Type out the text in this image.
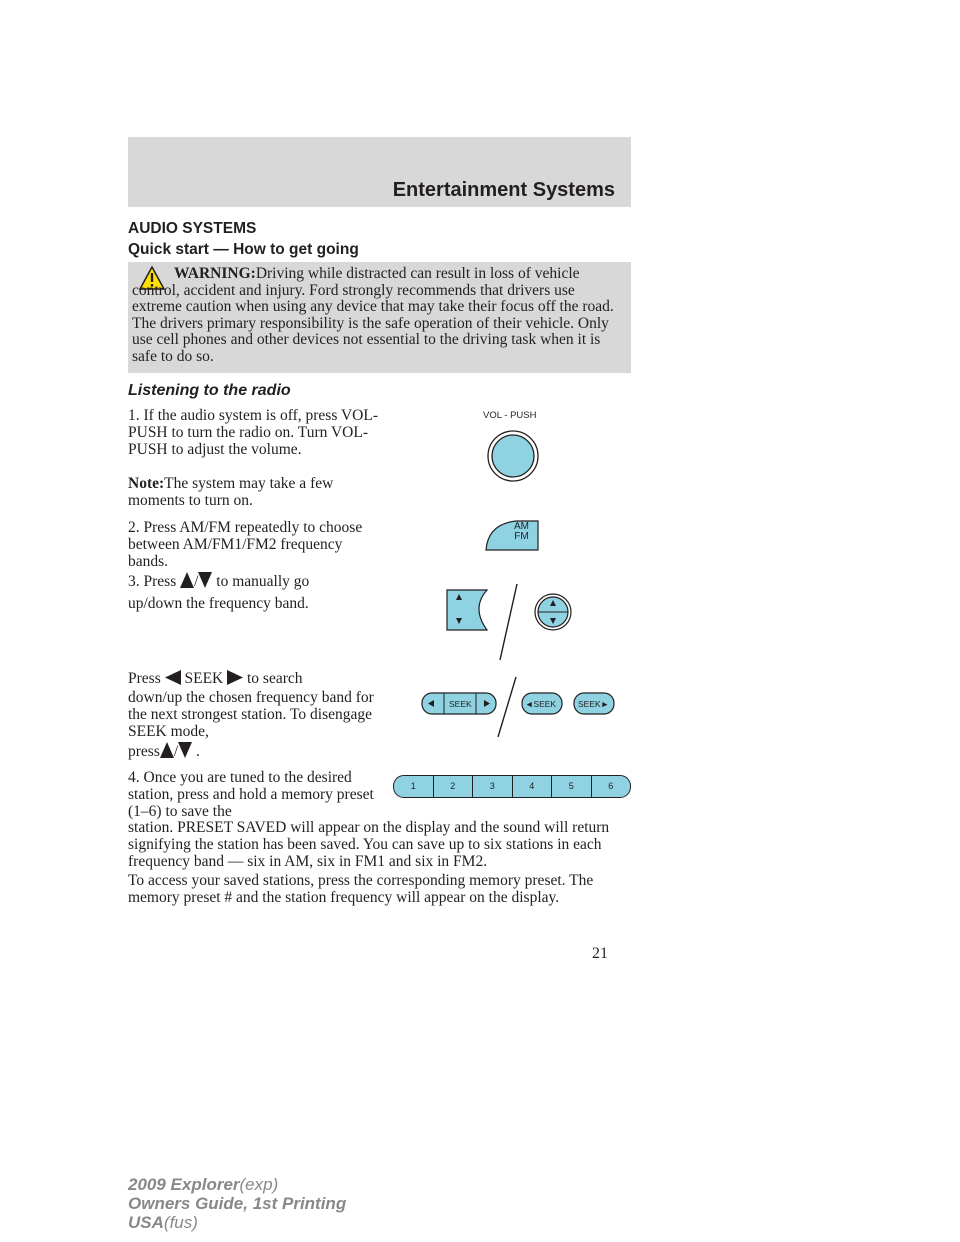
Entertainment Systems
AUDIO SYSTEMS
Quick start — How to get going
WARNING:Driving while distracted can result in loss of vehicle control, accident and injury. Ford strongly recommends that drivers use extreme caution when using any device that may take their focus off the road. The drivers primary responsibility is the safe operation of their vehicle. Only use cell phones and other devices not essential to the driving task when it is safe to do so.
Listening to the radio
1. If the audio system is off, press VOL-PUSH to turn the radio on. Turn VOL-PUSH to adjust the volume.
Note:The system may take a few moments to turn on.
2. Press AM/FM repeatedly to choose between AM/FM1/FM2 frequency bands.
3. Press / to manually go
up/down the frequency band.
Press SEEK to search
down/up the chosen frequency band for the next strongest station. To disengage SEEK mode,
press / .
4. Once you are tuned to the desired station, press and hold a memory preset (1–6) to save the
station. PRESET SAVED will appear on the display and the sound will return signifying the station has been saved. You can save up to six stations in each frequency band — six in AM, six in FM1 and six in FM2.
To access your saved stations, press the corresponding memory preset. The memory preset # and the station frequency will appear on the display.
VOL - PUSH
AM
FM
SEEK	◄SEEK	SEEK►
1	2	3	4	5	6
21
2009 Explorer(exp)
Owners Guide, 1st Printing
USA(fus)
